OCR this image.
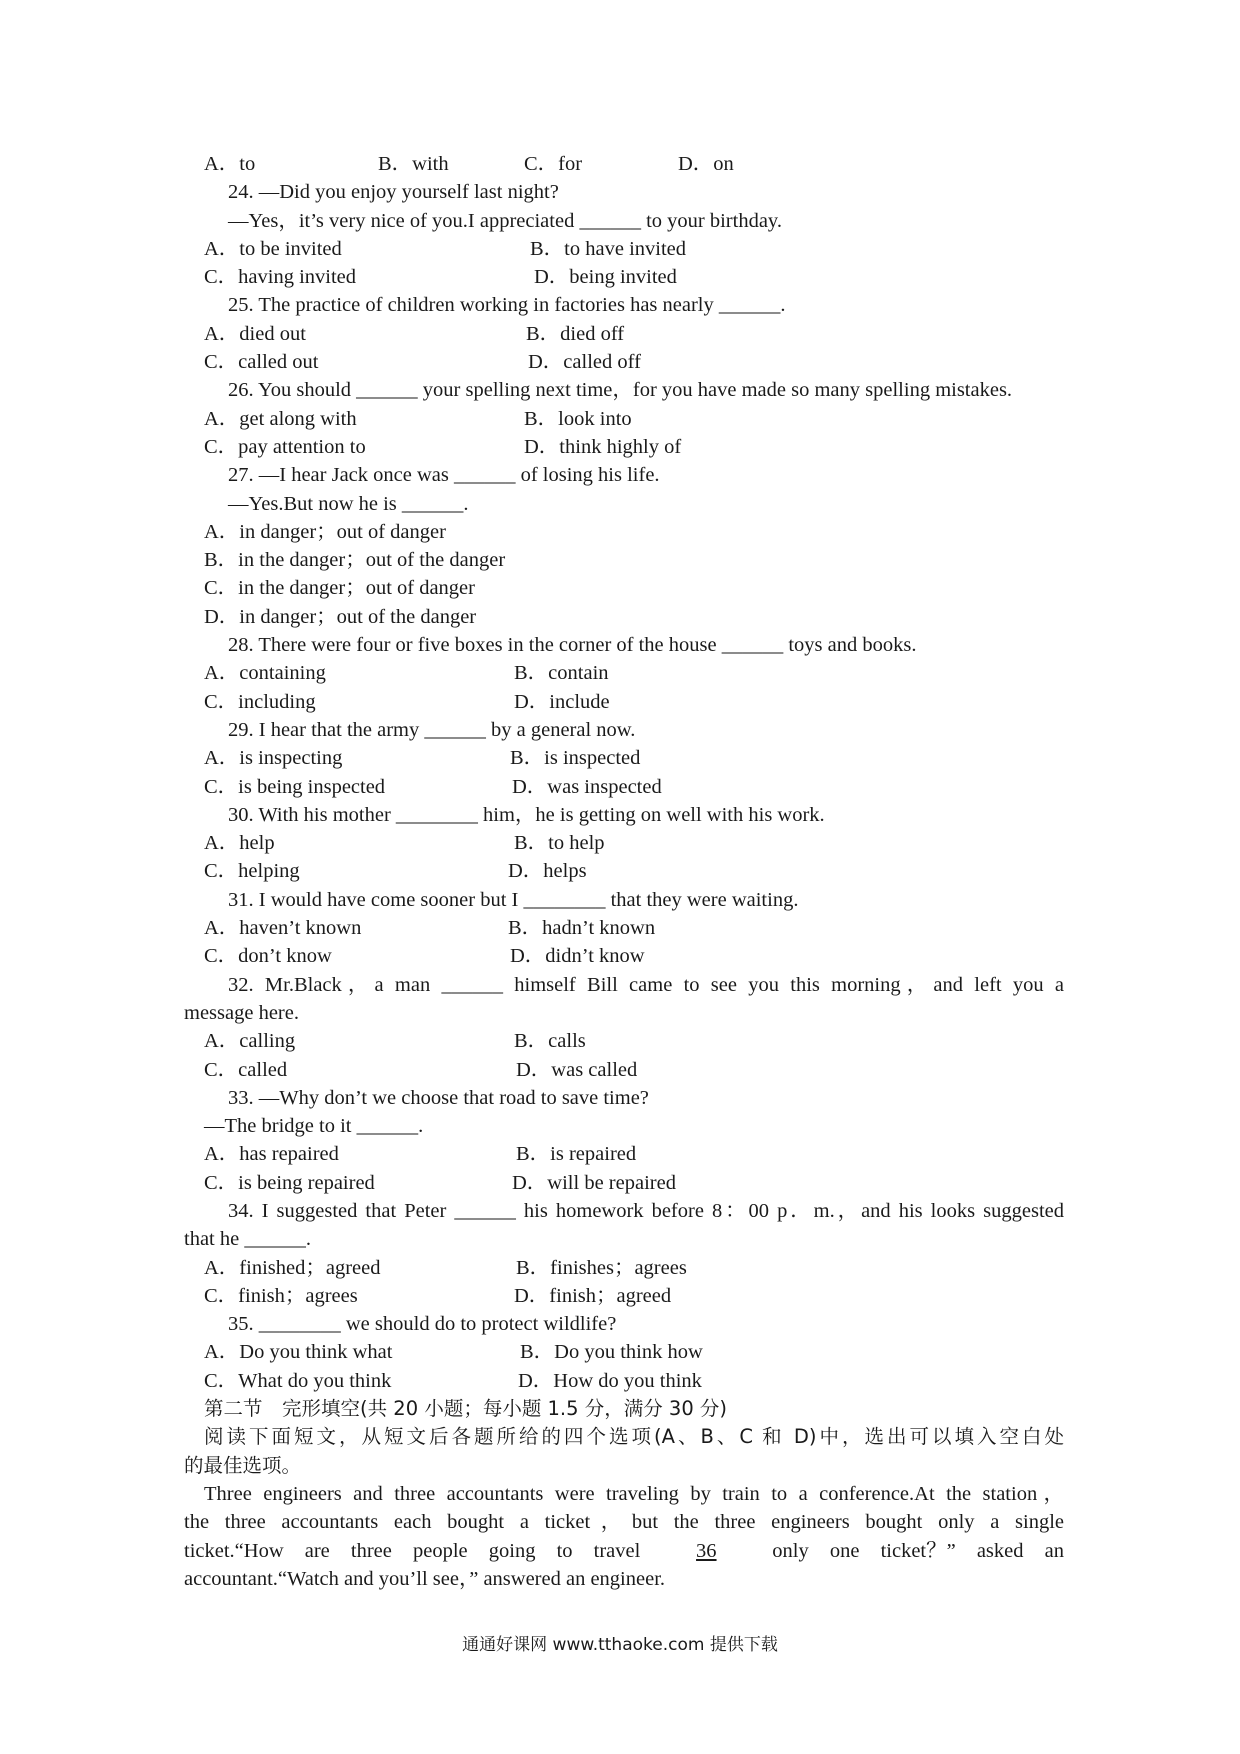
A．to	B．with	C．for	D．on
24. —Did you enjoy yourself last night?
—Yes，it’s very nice of you.I appreciated ______ to your birthday.
A．to be invited	B．to have invited
C．having invited	D．being invited
25. The practice of children working in factories has nearly ______.
A．died out	B．died off
C．called out	D．called off
26. You should ______ your spelling next time，for you have made so many spelling mistakes.
A．get along with	B．look into
C．pay attention to	D．think highly of
27. —I hear Jack once was ______ of losing his life.
—Yes.But now he is ______.
A．in danger；out of danger
B．in the danger；out of the danger
C．in the danger；out of danger
D．in danger；out of the danger
28. There were four or five boxes in the corner of the house ______ toys and books.
A．containing	B．contain
C．including	D．include
29. I hear that the army ______ by a general now.
A．is inspecting	B．is inspected
C．is being inspected	D．was inspected
30. With his mother ________ him，he is getting on well with his work.
A．help	B．to help
C．helping	D．helps
31. I would have come sooner but I ________ that they were waiting.
A．haven’t known	B．hadn’t known
C．don’t know	D．didn’t know
32. Mr.Black，a man ______ himself Bill came to see you this morning，and left you a
message here.
A．calling	B．calls
C．called	D．was called
33. —Why don’t we choose that road to save time?
—The bridge to it ______.
A．has repaired	B．is repaired
C．is being repaired	D．will be repaired
34. I suggested that Peter ______ his homework before 8：00 p．m.，and his looks suggested
that he ______.
A．finished；agreed	B．finishes；agrees
C．finish；agrees	D．finish；agreed
35. ________ we should do to protect wildlife?
A．Do you think what	B．Do you think how
C．What do you think	D．How do you think
第二节　完形填空(共 20 小题；每小题 1.5 分，满分 30 分)
阅读下面短文，从短文后各题所给的四个选项(A、B、C 和 D)中，选出可以填入空白处
的最佳选项。
Three engineers and three accountants were traveling by train to a conference.At the station，
the three accountants each bought a ticket，but the three engineers bought only a single
ticket.“How are three people going to travel	36	only one ticket？” asked an
accountant.“Watch and you’ll see，” answered an engineer.
通通好课网 www.tthaoke.com 提供下载
